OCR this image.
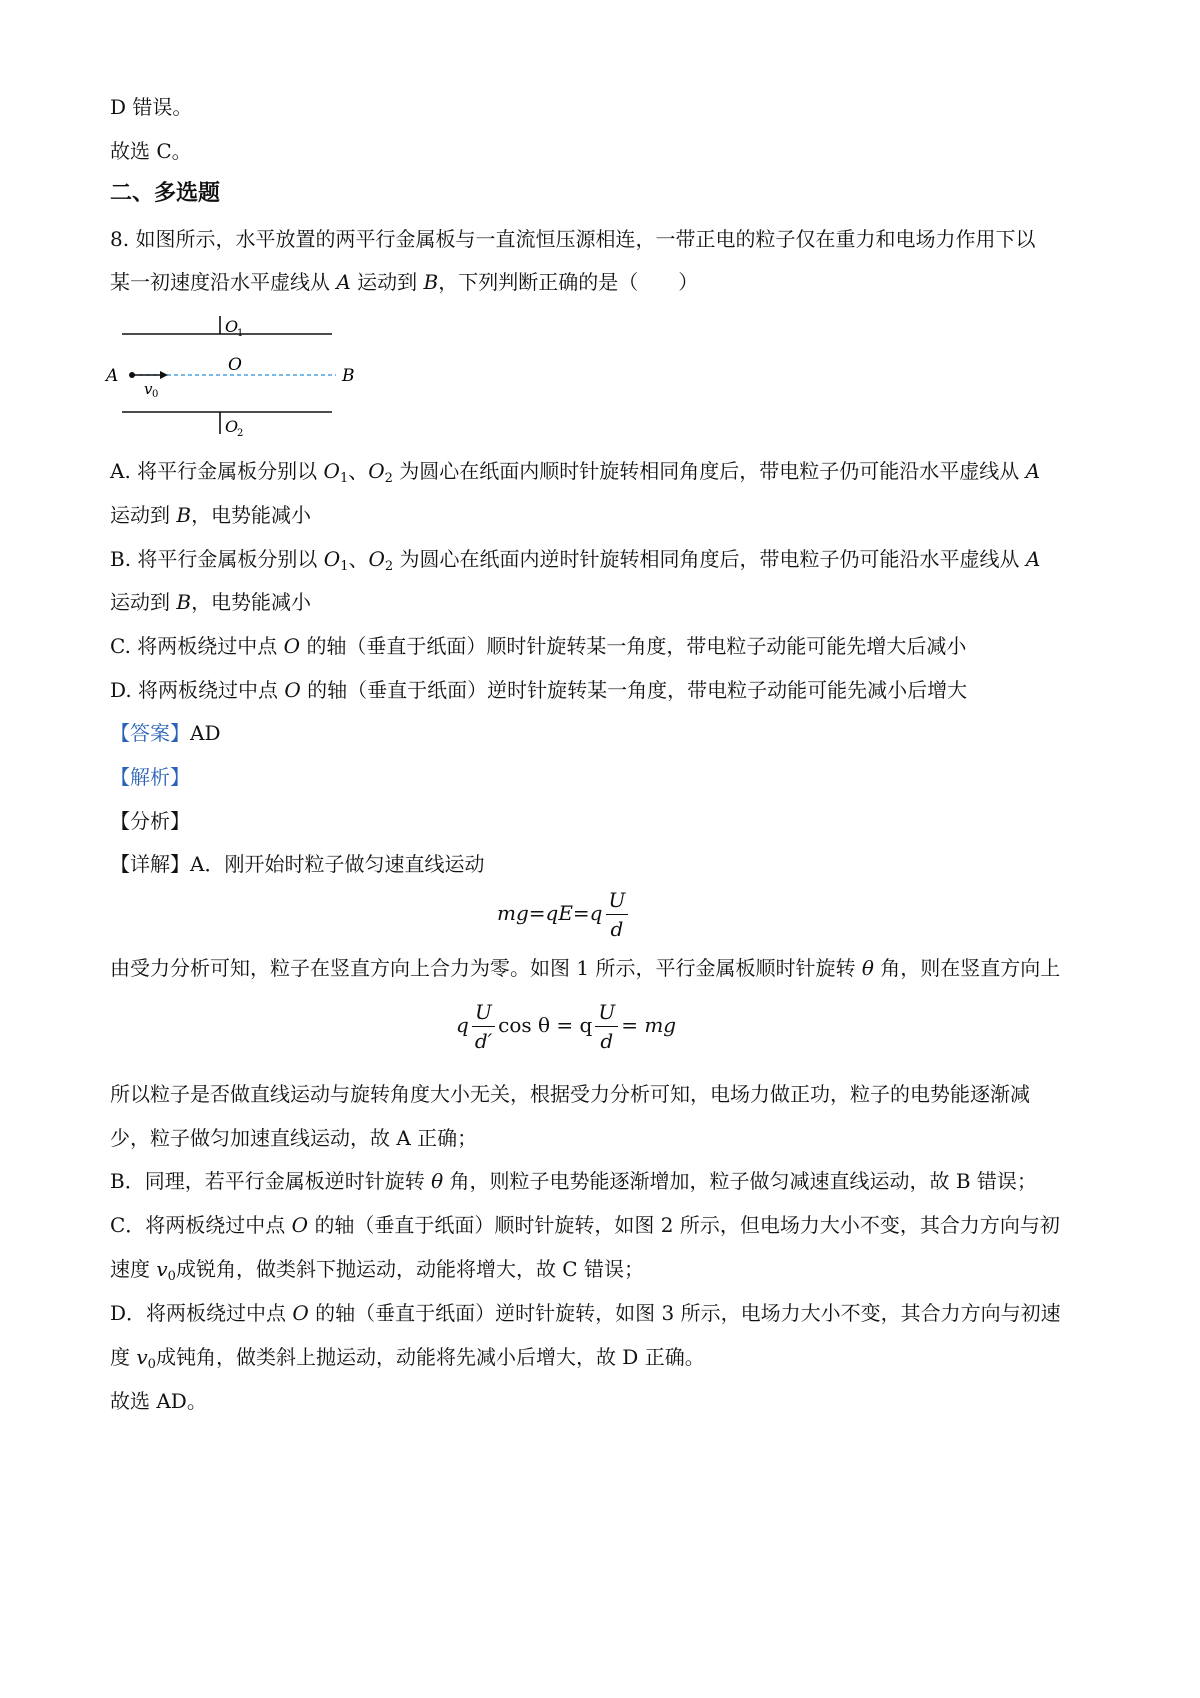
D 错误。
故选 C。
二、多选题
8. 如图所示，水平放置的两平行金属板与一直流恒压源相连，一带正电的粒子仅在重力和电场力作用下以
某一初速度沿水平虚线从 A 运动到 B，下列判断正确的是（　　）
A	B
O
O
1
O
2
v 0
A. 将平行金属板分别以 $O_1$、$O_2$ 为圆心在纸面内顺时针旋转相同角度后，带电粒子仍可能沿水平虚线从 A
运动到 B，电势能减小
B. 将平行金属板分别以 $O_1$、$O_2$ 为圆心在纸面内逆时针旋转相同角度后，带电粒子仍可能沿水平虚线从 A
运动到 B，电势能减小
C. 将两板绕过中点 O 的轴（垂直于纸面）顺时针旋转某一角度，带电粒子动能可能先增大后减小
D. 将两板绕过中点 O 的轴（垂直于纸面）逆时针旋转某一角度，带电粒子动能可能先减小后增大
【答案】AD
【解析】
【分析】
【详解】A．刚开始时粒子做匀速直线运动
$mg=qE=q \frac{U}{d}$
由受力分析可知，粒子在竖直方向上合力为零。如图 1 所示，平行金属板顺时针旋转 θ 角，则在竖直方向上
q $\frac{U}{d'}$ cos θ = q $\frac{U}{d}$ = mg
所以粒子是否做直线运动与旋转角度大小无关，根据受力分析可知，电场力做正功，粒子的电势能逐渐减
少，粒子做匀加速直线运动，故 A 正确；
B．同理，若平行金属板逆时针旋转 θ 角，则粒子电势能逐渐增加，粒子做匀减速直线运动，故 B 错误；
C．将两板绕过中点 O 的轴（垂直于纸面）顺时针旋转，如图 2 所示，但电场力大小不变，其合力方向与初
速度 $v_0$成锐角，做类斜下抛运动，动能将增大，故 C 错误；
D．将两板绕过中点 O 的轴（垂直于纸面）逆时针旋转，如图 3 所示，电场力大小不变，其合力方向与初速
度 $v_0$成钝角，做类斜上抛运动，动能将先减小后增大，故 D 正确。
故选 AD。
